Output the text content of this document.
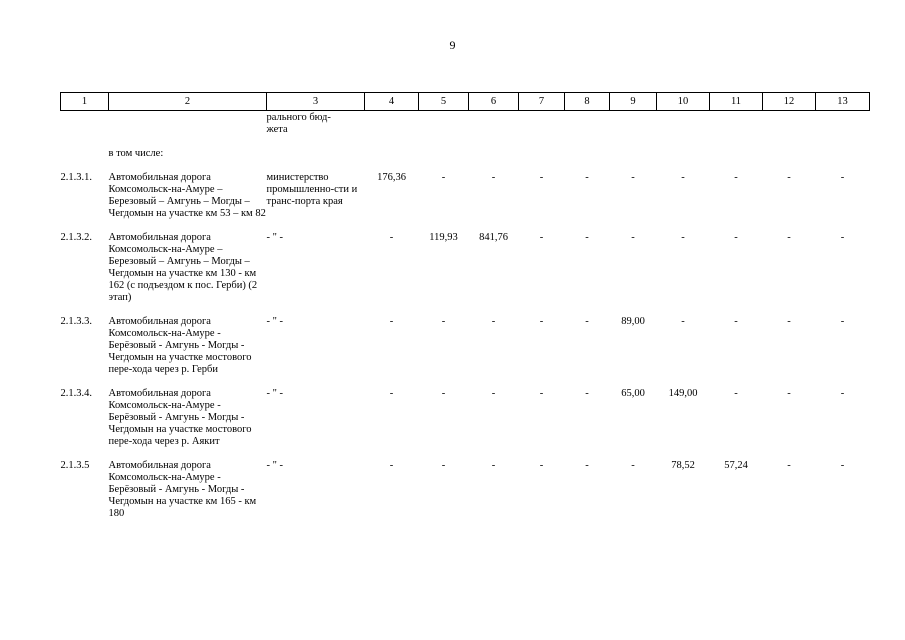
9
1	2	3	4	5	6	7	8	9	10	11	12	13
		рального бюд-
жета										
	в том числе:											
2.1.3.1.	Автомобильная дорога Комсомольск-на-Амуре – Березовый – Амгунь – Могды – Чегдомын на участке км 53 – км 82	министерство промышленно-сти и транс-порта края	176,36	-	-	-	-	-	-	-	-	-
2.1.3.2.	Автомобильная дорога Комсомольск-на-Амуре – Березовый – Амгунь – Могды – Чегдомын на участке км 130 - км 162 (с подъездом к пос. Герби) (2 этап)	- " -	-	119,93	841,76	-	-	-	-	-	-	-
2.1.3.3.	Автомобильная дорога Комсомольск-на-Амуре - Берёзовый - Амгунь - Могды - Чегдомын на участке мостового пере-хода через р. Герби	- " -	-	-	-	-	-	89,00	-	-	-	-
2.1.3.4.	Автомобильная дорога Комсомольск-на-Амуре - Берёзовый - Амгунь - Могды - Чегдомын на участке мостового пере-хода через р. Аякит	- " -	-	-	-	-	-	65,00	149,00	-	-	-
2.1.3.5	Автомобильная дорога Комсомольск-на-Амуре - Берёзовый - Амгунь - Могды - Чегдомын на участке км 165 - км 180	- " -	-	-	-	-	-	-	78,52	57,24	-	-
